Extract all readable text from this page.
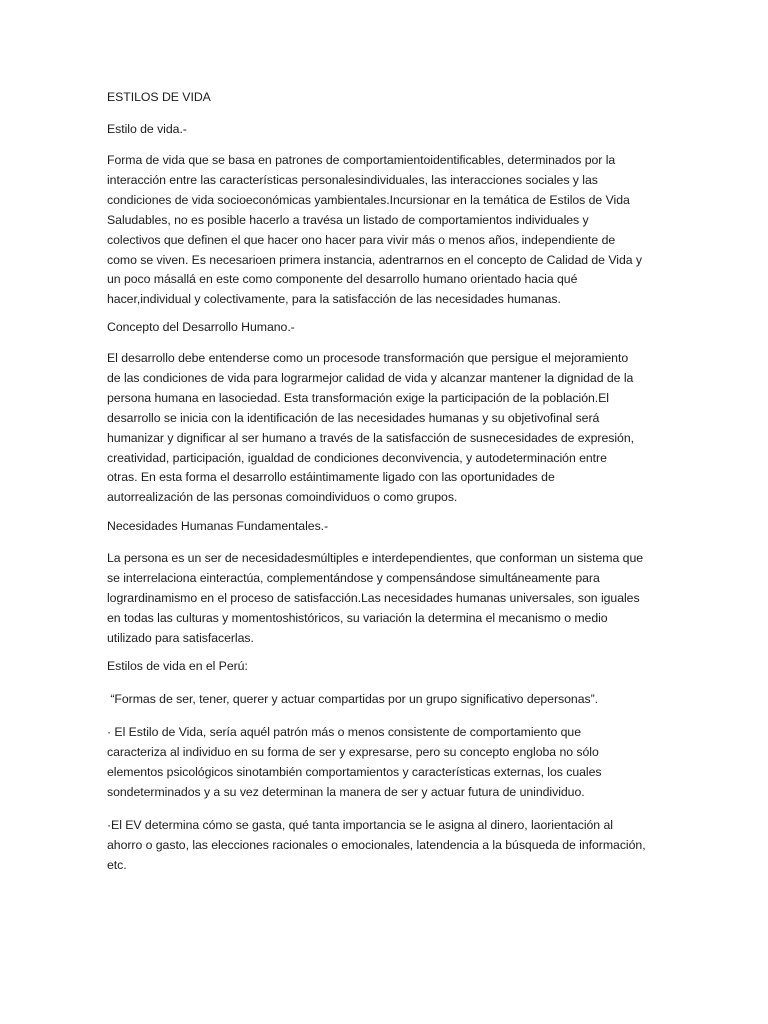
ESTILOS DE VIDA

Estilo de vida.-

Forma de vida que se basa en patrones de comportamientoidentificables, determinados por la

interacción entre las características personalesindividuales, las interacciones sociales y las

condiciones de vida socioeconómicas yambientales.Incursionar en la temática de Estilos de Vida

Saludables, no es posible hacerlo a travésa un listado de comportamientos individuales y

colectivos que definen el que hacer ono hacer para vivir más o menos años, independiente de

como se viven. Es necesarioen primera instancia, adentrarnos en el concepto de Calidad de Vida y

un poco másallá en este como componente del desarrollo humano orientado hacia qué

hacer,individual y colectivamente, para la satisfacción de las necesidades humanas.

Concepto del Desarrollo Humano.-

El desarrollo debe entenderse como un procesode transformación que persigue el mejoramiento

de las condiciones de vida para lograrmejor calidad de vida y alcanzar mantener la dignidad de la

persona humana en lasociedad. Esta transformación exige la participación de la población.El

desarrollo se inicia con la identificación de las necesidades humanas y su objetivofinal será

humanizar y dignificar al ser humano a través de la satisfacción de susnecesidades de expresión,

creatividad, participación, igualdad de condiciones deconvivencia, y autodeterminación entre

otras. En esta forma el desarrollo estáintimamente ligado con las oportunidades de

autorrealización de las personas comoindividuos o como grupos.

Necesidades Humanas Fundamentales.-

La persona es un ser de necesidadesmúltiples e interdependientes, que conforman un sistema que

se interrelaciona einteractúa, complementándose y compensándose simultáneamente para

logrardinamismo en el proceso de satisfacción.Las necesidades humanas universales, son iguales

en todas las culturas y momentoshistóricos, su variación la determina el mecanismo o medio

utilizado para satisfacerlas.

Estilos de vida en el Perú:

“Formas de ser, tener, querer y actuar compartidas por un grupo significativo depersonas”.

· El Estilo de Vida, sería aquél patrón más o menos consistente de comportamiento que

caracteriza al individuo en su forma de ser y expresarse, pero su concepto engloba no sólo

elementos psicológicos sinotambién comportamientos y características externas, los cuales

sondeterminados y a su vez determinan la manera de ser y actuar futura de unindividuo.

·El EV determina cómo se gasta, qué tanta importancia se le asigna al dinero, laorientación al

ahorro o gasto, las elecciones racionales o emocionales, latendencia a la búsqueda de información,

etc.
